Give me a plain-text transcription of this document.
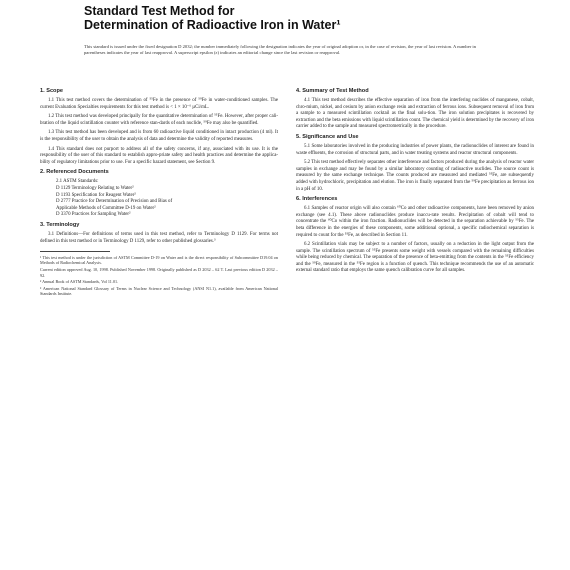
Standard Test Method for

Determination of Radioactive Iron in Water¹

This standard is issued under the fixed designation D 2032; the number immediately following the designation indicates the year of original adoption or, in the case of revision, the year of last revision. A number in parentheses indicates the year of last reapproval. A superscript epsilon (ε) indicates an editorial change since the last revision or reapproval.
1. Scope

1.1 This test method covers the determination of ⁵⁵Fe in the presence of ⁵⁹Fe in water-conditioned samples. The current Evaluation Specialties requirements for this test method is < 1 × 10⁻⁶ µCi/mL.

1.2 This test method was developed principally for the quantitative determination of ⁵⁵Fe. However, after proper cali-bration of the liquid scintillation counter with reference stan-dards of each nuclide, ⁵⁹Fe may also be quantified.

1.3 This test method has been developed and is from 60 radioactive liquid conditioned in intact production (4 ml). It is the responsibility of the user to obtain the analysis of data and determine the validity of reported measures.

1.4 This standard does not purport to address all of the safety concerns, if any, associated with its use. It is the responsibility of the user of this standard to establish appro-priate safety and health practices and determine the applica-bility of regulatory limitations prior to use. For a specific hazard statement, see Section 9.

2. Referenced Documents
2.1 ASTM Standards:
D 1129 Terminology Relating to Water²
D 1193 Specification for Reagent Water²
D 2777 Practice for Determination of Precision and Bias of
Applicable Methods of Committee D-19 on Water²
D 3370 Practices for Sampling Water²
3. Terminology

3.1 Definitions—For definitions of terms used in this test method, refer to Terminology D 1129. For terms not defined in this test method or in Terminology D 1129, refer to other published glossaries.³

¹ This test method is under the jurisdiction of ASTM Committee D-19 on Water and is the direct responsibility of Subcommittee D19.04 on Methods of Radiochemical Analysis.

Current edition approved Aug. 10, 1998. Published November 1998. Originally published as D 2032 – 62 T. Last previous edition D 2032 – 92.

² Annual Book of ASTM Standards, Vol 11.01.

³ American National Standard Glossary of Terms in Nuclear Science and Technology (ANSI N1.1), available from American National Standards Institute.

4. Summary of Test Method

4.1 This test method describes the effective separation of iron from the interfering nuclides of manganese, cobalt, chro-mium, nickel, and cesium by anion exchange resin and extraction of ferrous ions. Subsequent removal of iron from a sample to a measured scintillation cocktail as the final solu-tion. The iron solution precipitates is recovered by extraction and the beta emissions with liquid scintillation count. The chemical yield is determined by the recovery of iron carrier added to the sample and measured spectrometrically in the procedure.

5. Significance and Use

5.1 Some laboratories involved in the producing industries of power plants, the radionuclides of interest are found in waste effluents, the corrosion of structural parts, and in water treating systems and reactor structural components.

5.2 This test method effectively separates other interference and factors produced during the analysis of reactor water samples in exchange and may be found by a similar laboratory counting of radioactive nuclides. The source count is measured by the same exchange technique. The counts produced are measured and mediated ⁵⁵Fe, are subsequently added with hydrochloric, precipitation and elution. The iron is finally separated from the ⁵⁹Fe precipitation as ferrous ion in a pH of 10.

6. Interferences

6.1 Samples of reactor origin will also contain ⁶⁰Co and other radioactive components, have been removed by anion exchange (see 4.1). These above radionuclides produce inaccu-rate results. Precipitation of cobalt will tend to concentrate the ⁶⁰Co within the iron fraction. Radionuclides will be detected in the separation achievable by ⁵⁵Fe. The beta difference in the energies of these components, some additional optional, a specific radiochemical separation is required to count for the ⁵⁵Fe, as described in Section 11.

6.2 Scintillation vials may be subject to a number of factors, usually on a reduction in the light output from the sample. The scintillation spectrum of ⁵⁵Fe presents some weight with vessels compared with the remaining difficulties while being reduced by chemical. The separation of the presence of beta-emitting from the contents in the ⁵⁵Fe efficiency and the ⁵⁹Fe, measured in the ⁵⁵Fe region is a function of quench. This technique recommends the use of an automatic external standard ratio that employs the same quench calibration curve for all samples.
